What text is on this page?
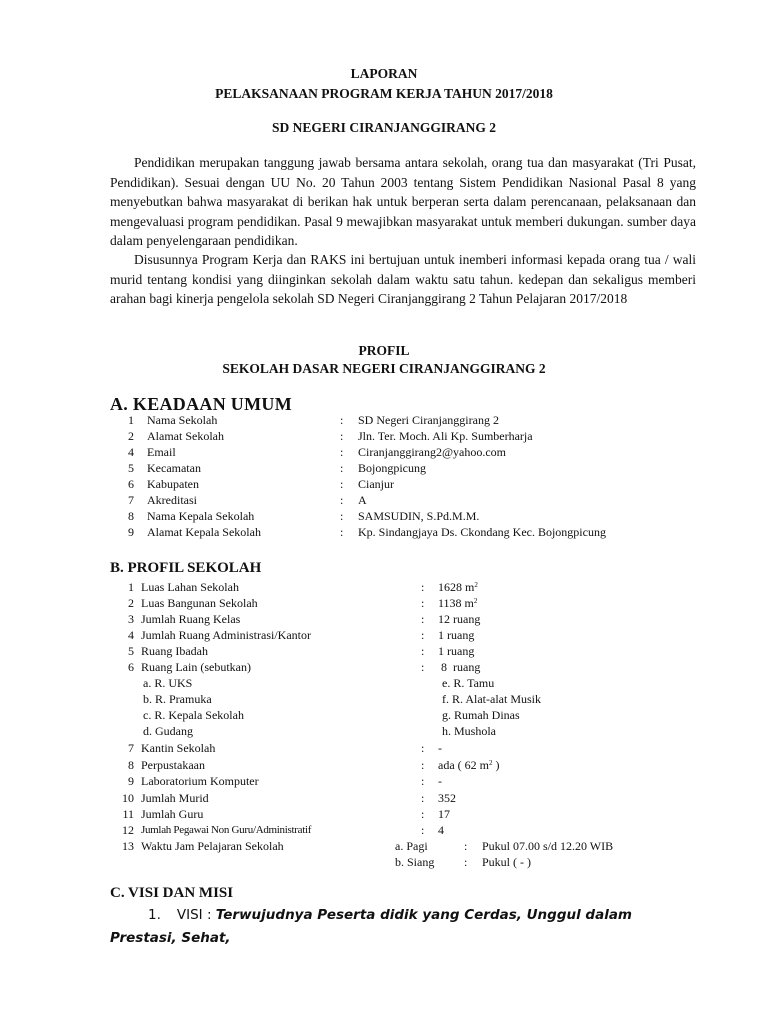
LAPORAN
PELAKSANAAN PROGRAM KERJA TAHUN 2017/2018
SD NEGERI CIRANJANGGIRANG 2
Pendidikan merupakan tanggung jawab bersama antara sekolah, orang tua dan masyarakat (Tri Pusat, Pendidikan). Sesuai dengan UU No. 20 Tahun 2003 tentang Sistem Pendidikan Nasional Pasal 8 yang menyebutkan bahwa masyarakat di berikan hak untuk berperan serta dalam perencanaan, pelaksanaan dan mengevaluasi program pendidikan. Pasal 9 mewajibkan masyarakat untuk memberi dukungan. sumber daya dalam penyelengaraan pendidikan.
Disusunnya Program Kerja dan RAKS ini bertujuan untuk inemberi informasi kepada orang tua / wali murid tentang kondisi yang diinginkan sekolah dalam waktu satu tahun. kedepan dan sekaligus memberi arahan bagi kinerja pengelola sekolah SD Negeri Ciranjanggirang 2 Tahun Pelajaran 2017/2018
PROFIL
SEKOLAH DASAR NEGERI CIRANJANGGIRANG 2
A. KEADAAN UMUM
1 Nama Sekolah	: SD Negeri Ciranjanggirang 2
2 Alamat Sekolah	: Jln. Ter. Moch. Ali Kp. Sumberharja
4 Email	: Ciranjanggirang2@yahoo.com
5 Kecamatan	: Bojongpicung
6 Kabupaten	: Cianjur
7 Akreditasi	: A
8 Nama Kepala Sekolah	: SAMSUDIN, S.Pd.M.M.
9 Alamat Kepala Sekolah	: Kp. Sindangjaya Ds. Ckondang Kec. Bojongpicung
B. PROFIL SEKOLAH
1 Luas Lahan Sekolah	: 1628 $m^2$
2 Luas Bangunan Sekolah	: 1138 $m^2$
3 Jumlah Ruang Kelas	: 12 ruang
4 Jumlah Ruang Administrasi/Kantor	: 1 ruang
5 Ruang Ibadah	: 1 ruang
6 Ruang Lain (sebutkan)	: 8  ruang
a. R. UKS	e. R. Tamu
b. R. Pramuka	f. R. Alat-alat Musik
c. R. Kepala Sekolah	g. Rumah Dinas
d. Gudang	h. Mushola
7 Kantin Sekolah	: -
8 Perpustakaan	: ada ( 62 $m^2$ )
9 Laboratorium Komputer	: -
10 Jumlah Murid	: 352
11 Jumlah Guru	: 17
12 Jumlah Pegawai Non Guru/Administratif	: 4
13 Waktu Jam Pelajaran Sekolah	a. Pagi	: Pukul 07.00 s/d 12.20 WIB
b. Siang : Pukul ( - )
C. VISI DAN MISI
1. VISI : Terwujudnya Peserta didik yang Cerdas, Unggul dalam Prestasi, Sehat,
